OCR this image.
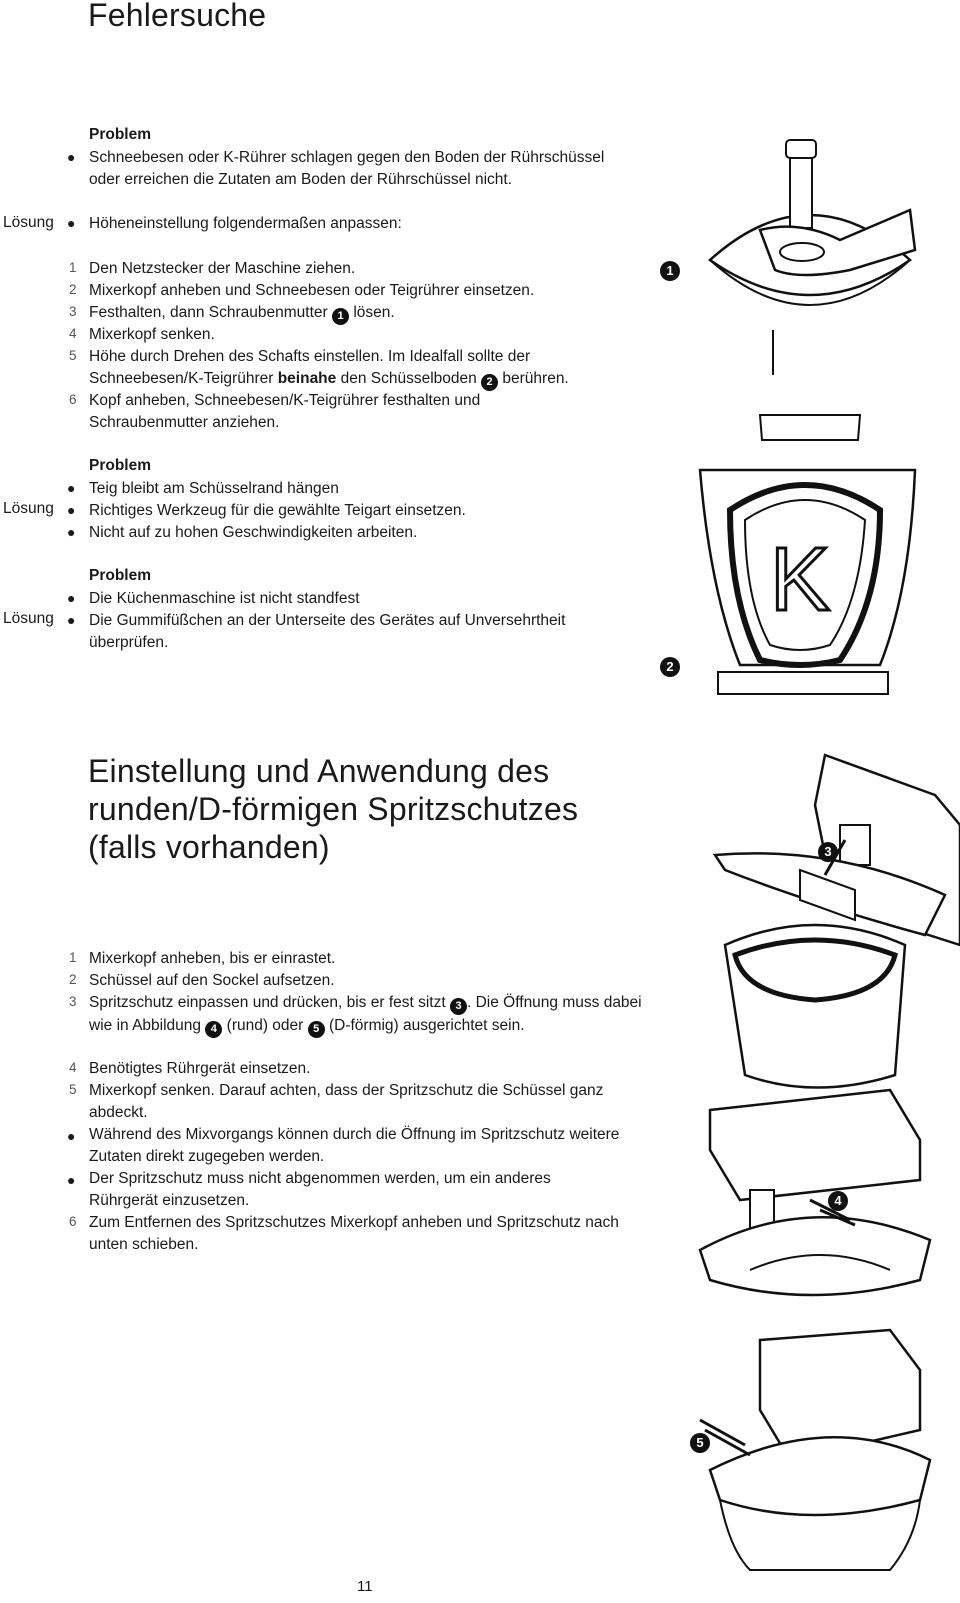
Fehlersuche
Problem
● Schneebesen oder K-Rührer schlagen gegen den Boden der Rührschüssel oder erreichen die Zutaten am Boden der Rührschüssel nicht.
Lösung ● Höheneinstellung folgendermaßen anpassen:
1 Den Netzstecker der Maschine ziehen.
2 Mixerkopf anheben und Schneebesen oder Teigrührer einsetzen.
3 Festhalten, dann Schraubenmutter 1 lösen.
4 Mixerkopf senken.
5 Höhe durch Drehen des Schafts einstellen. Im Idealfall sollte der Schneebesen/K-Teigrührer beinahe den Schüsselboden 2 berühren.
6 Kopf anheben, Schneebesen/K-Teigrührer festhalten und Schraubenmutter anziehen.
Problem
● Teig bleibt am Schüsselrand hängen
Lösung ● Richtiges Werkzeug für die gewählte Teigart einsetzen.
● Nicht auf zu hohen Geschwindigkeiten arbeiten.
Problem
● Die Küchenmaschine ist nicht standfest
Lösung ● Die Gummifüßchen an der Unterseite des Gerätes auf Unversehrtheit überprüfen.
1
K
2
Einstellung und Anwendung des
runden/D-förmigen Spritzschutzes
(falls vorhanden)
1 Mixerkopf anheben, bis er einrastet.
2 Schüssel auf den Sockel aufsetzen.
3 Spritzschutz einpassen und drücken, bis er fest sitzt 3 . Die Öffnung muss dabei wie in Abbildung 4 (rund) oder 5 (D-förmig) ausgerichtet sein.
4 Benötigtes Rührgerät einsetzen.
5 Mixerkopf senken. Darauf achten, dass der Spritzschutz die Schüssel ganz abdeckt.
● Während des Mixvorgangs können durch die Öffnung im Spritzschutz weitere Zutaten direkt zugegeben werden.
● Der Spritzschutz muss nicht abgenommen werden, um ein anderes Rührgerät einzusetzen.
6 Zum Entfernen des Spritzschutzes Mixerkopf anheben und Spritzschutz nach unten schieben.
3
4
5
11
